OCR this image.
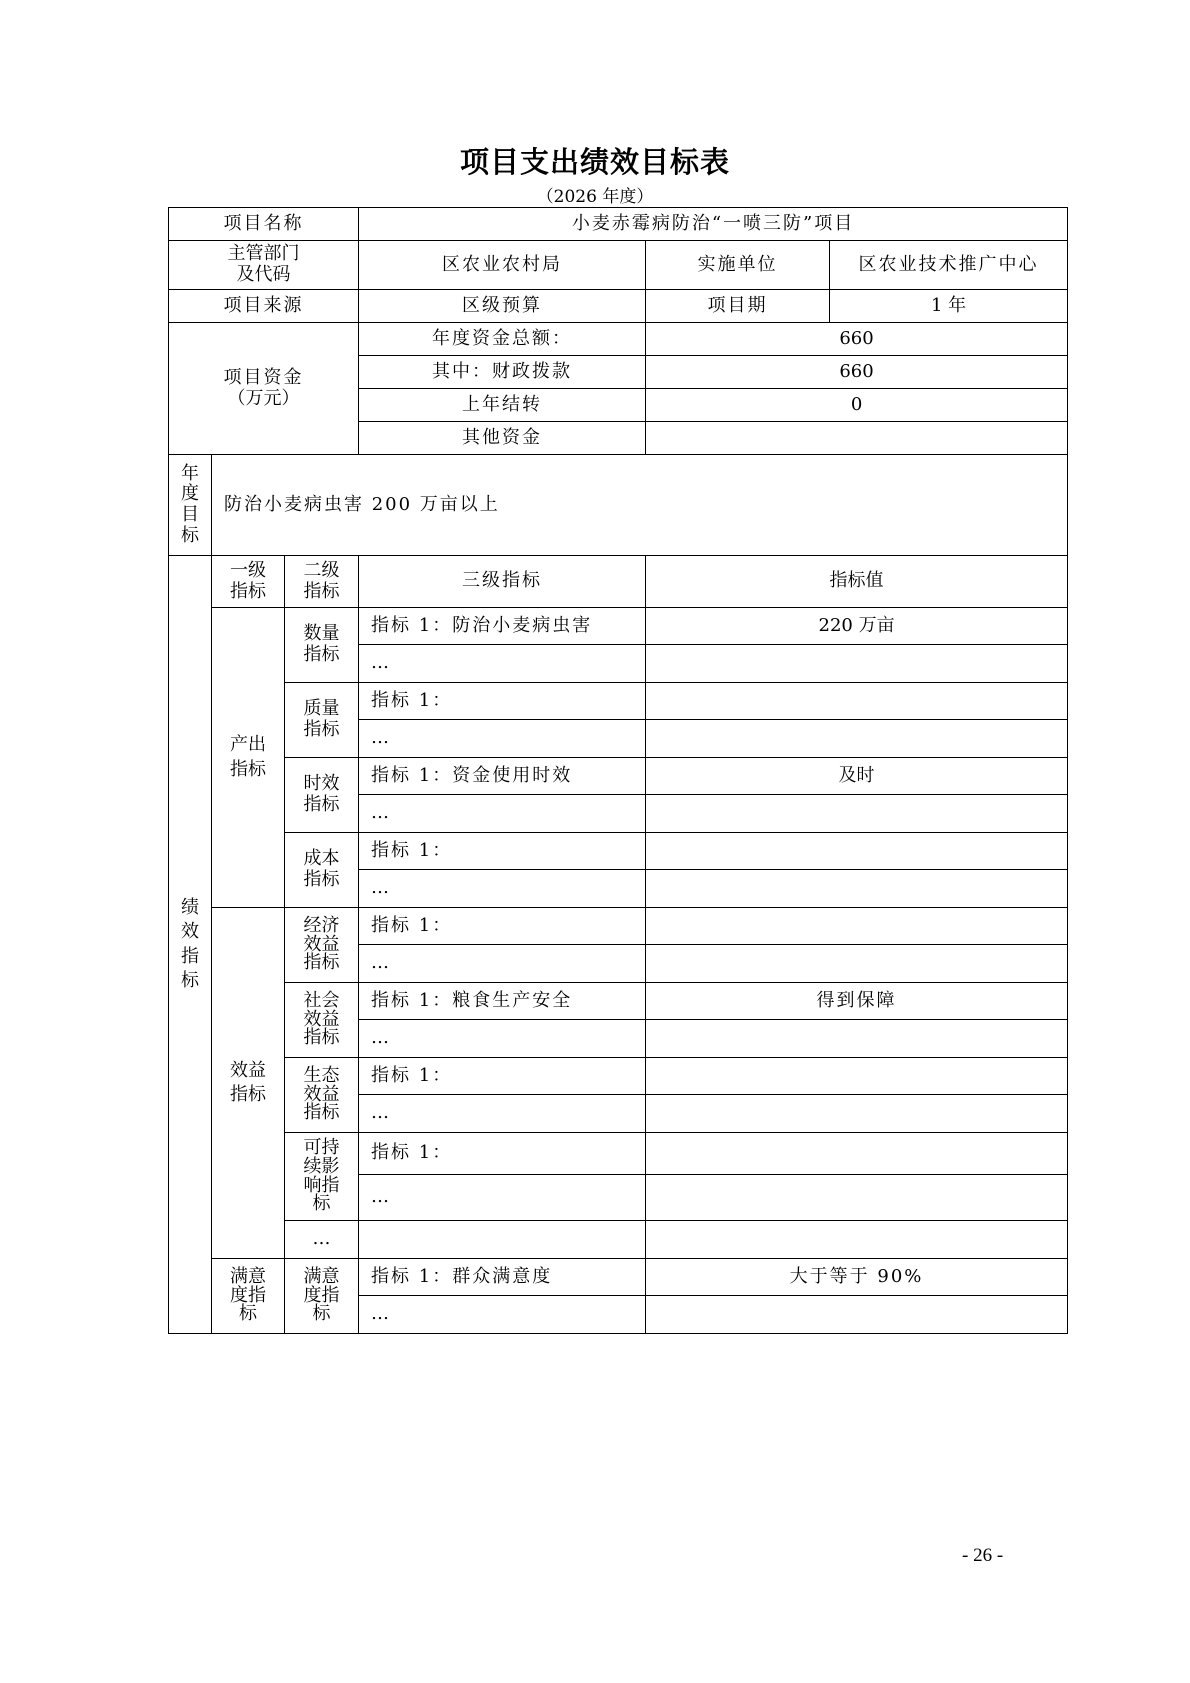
项目支出绩效目标表
（2026 年度）
项目名称			小麦赤霉病防治“一喷三防”项目		

主管部门
及代码			区农业农村局	实施单位	区农业技术推广中心
项目来源			区级预算	项目期	1 年

项目资金
（万元）			年度资金总额：	660	
			其中：财政拨款	660	
			上年结转	0	
			其他资金		

年度目标	防治小麦病虫害 200 万亩以上				

绩效指标	一级指标	二级指标	三级指标	指标值	

	产出指标	数量指标	指标 1：防治小麦病虫害	220 万亩	
			…		

		质量指标	指标 1：		
			…		

		时效指标	指标 1：资金使用时效	及时	
			…		

		成本指标	指标 1：		
			…		

	效益指标	经济效益指标	指标 1：		
			…		

		社会效益指标	指标 1：粮食生产安全	得到保障	
			…		

		生态效益指标	指标 1：		
			…		

		可持续影响指标	指标 1：		
			…		
		…			

	满意度指标	满意度指标	指标 1：群众满意度	大于等于 90%	
			…		
- 26 -
